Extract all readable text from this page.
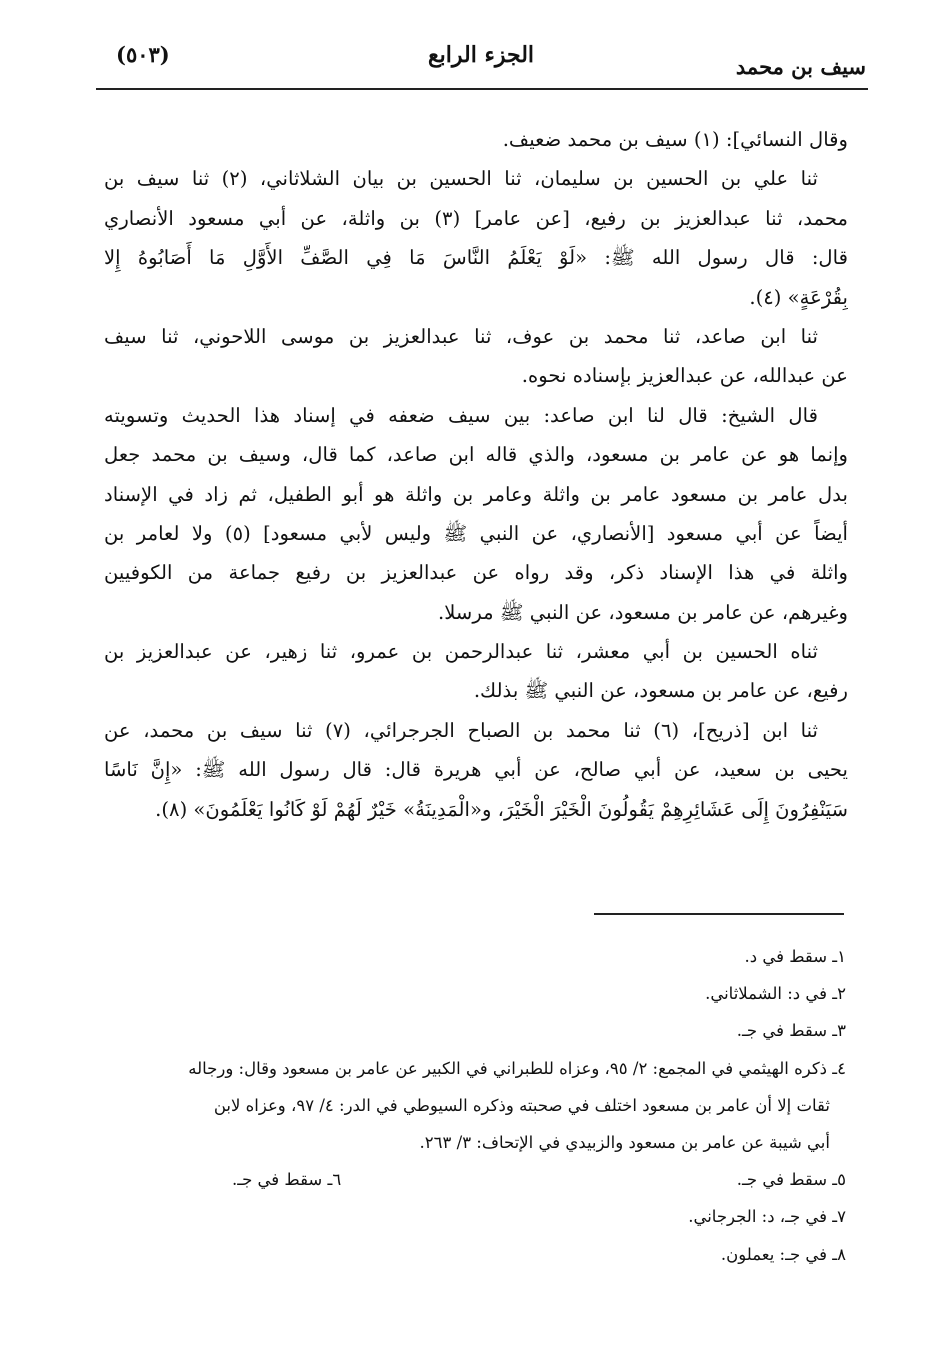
سيف بن محمد
الجزء الرابع
(٥٠٣)
وقال النسائي]: (١) سيف بن محمد ضعيف.
ثنا علي بن الحسين بن سليمان، ثنا الحسين بن بيان الشلاثاني، (٢) ثنا سيف بن
محمد، ثنا عبدالعزيز بن رفيع، [عن عامر] (٣) بن واثلة، عن أبي مسعود الأنصاري
قال: قال رسول الله ﷺ: «لَوْ يَعْلَمُ النَّاسَ مَا فِي الصَّفِّ الأَوَّلِ مَا أَصَابُوهُ إِلا
بِقُرْعَةٍ» (٤).
ثنا ابن صاعد، ثنا محمد بن عوف، ثنا عبدالعزيز بن موسى اللاحوني، ثنا سيف
عن عبدالله، عن عبدالعزيز بإسناده نحوه.
قال الشيخ: قال لنا ابن صاعد: بين سيف ضعفه في إسناد هذا الحديث وتسويته
وإنما هو عن عامر بن مسعود، والذي قاله ابن صاعد، كما قال، وسيف بن محمد جعل
بدل عامر بن مسعود عامر بن واثلة وعامر بن واثلة هو أبو الطفيل، ثم زاد في الإسناد
أيضاً عن أبي مسعود [الأنصاري، عن النبي ﷺ وليس لأبي مسعود] (٥) ولا لعامر بن
واثلة في هذا الإسناد ذكر، وقد رواه عن عبدالعزيز بن رفيع جماعة من الكوفيين
وغيرهم، عن عامر بن مسعود، عن النبي ﷺ مرسلا.
ثناه الحسين بن أبي معشر، ثنا عبدالرحمن بن عمرو، ثنا زهير، عن عبدالعزيز بن
رفيع، عن عامر بن مسعود، عن النبي ﷺ بذلك.
ثنا ابن [ذريح]، (٦) ثنا محمد بن الصباح الجرجرائي، (٧) ثنا سيف بن محمد، عن
يحيى بن سعيد، عن أبي صالح، عن أبي هريرة قال: قال رسول الله ﷺ: «إِنَّ نَاسًا
سَيَنْفِرُونَ إِلَى عَشَائِرِهِمْ يَقُولُونَ الْخَيْرَ الْخَيْرَ، و«الْمَدِينَةُ» خَيْرٌ لَهُمْ لَوْ كَانُوا يَعْلَمُونَ» (٨).
١ـ سقط في د.
٢ـ في د: الشملاثاني.
٣ـ سقط في جـ.
٤ـ ذكره الهيثمي في المجمع: ٢/ ٩٥، وعزاه للطبراني في الكبير عن عامر بن مسعود وقال: ورجاله
ثقات إلا أن عامر بن مسعود اختلف في صحبته وذكره السيوطي في الدر: ٤/ ٩٧، وعزاه لابن
أبي شيبة عن عامر بن مسعود والزبيدي في الإتحاف: ٣/ ٢٦٣.
٥ـ سقط في جـ.
٦ـ سقط في جـ.
٧ـ في جـ، د: الجرجاني.
٨ـ في جـ: يعملون.
